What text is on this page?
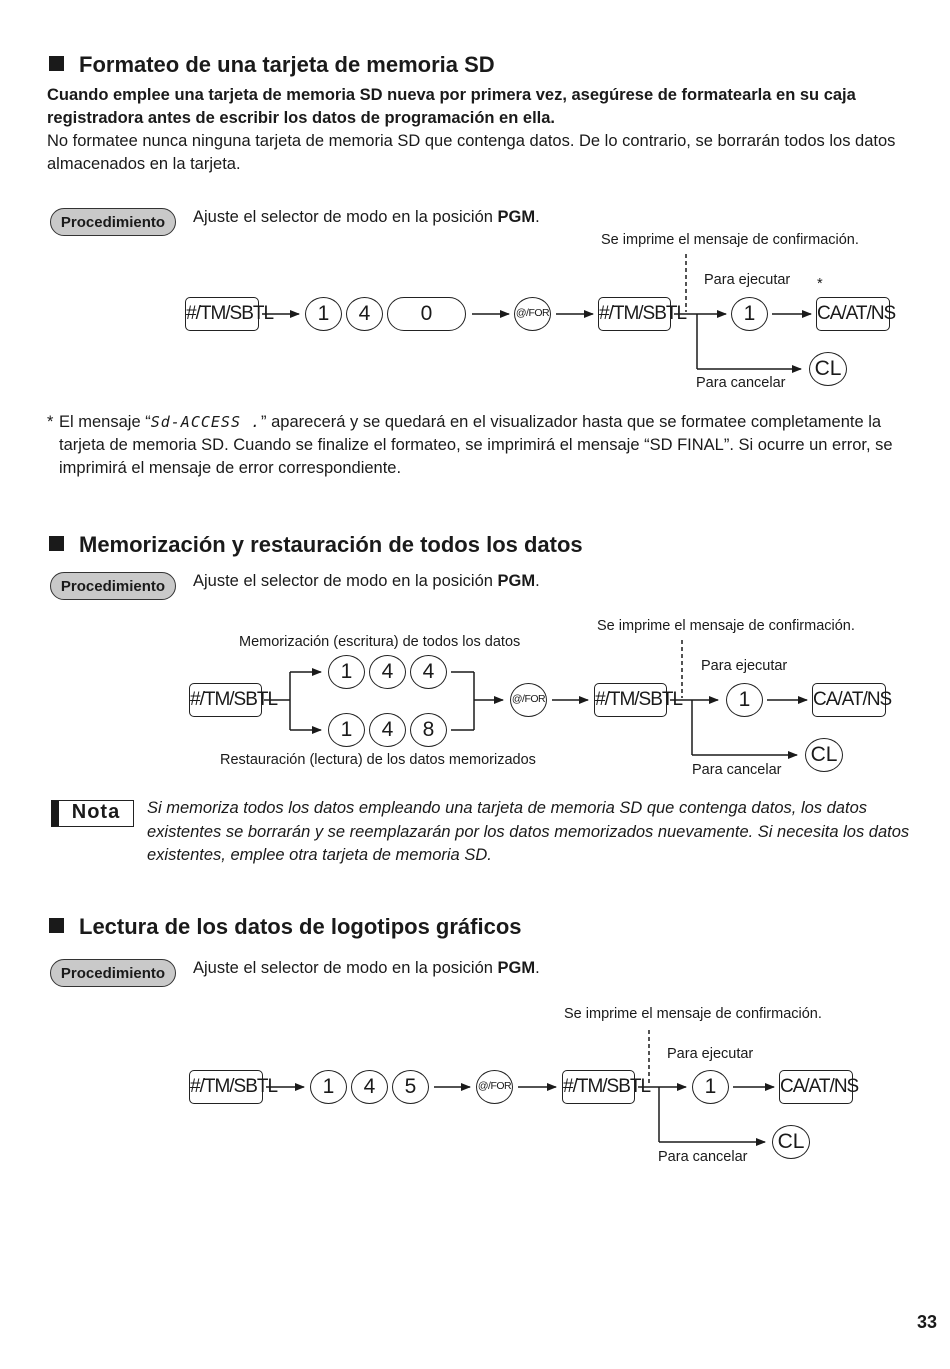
Formateo de una tarjeta de memoria SD
Cuando emplee una tarjeta de memoria SD nueva por primera vez, asegúrese de formatearla en su caja registradora antes de escribir los datos de programación en ella.
No formatee nunca ninguna tarjeta de memoria SD que contenga datos. De lo contrario, se borrarán todos los datos almacenados en la tarjeta.
Procedimiento	Ajuste el selector de modo en la posición PGM.
Se imprime el mensaje de confirmación.
Para ejecutar *
Para cancelar
#/TM/SBTL	1	4	0	@/FOR	#/TM/SBTL	1	CA/AT/NS
CL
* El mensaje “Sd-ACCESS .” aparecerá y se quedará en el visualizador hasta que se formatee completamente la tarjeta de memoria SD. Cuando se finalize el formateo, se imprimirá el mensaje “SD FINAL”. Si ocurre un error, se imprimirá el mensaje de error correspondiente.
Memorización y restauración de todos los datos
Procedimiento	Ajuste el selector de modo en la posición PGM.
Se imprime el mensaje de confirmación.
Memorización (escritura) de todos los datos
Para ejecutar
Restauración (lectura) de los datos memorizados
Para cancelar
#/TM/SBTL
1	4	4
1	4	8
@/FOR	#/TM/SBTL	1	CA/AT/NS
CL
Nota	Si memoriza todos los datos empleando una tarjeta de memoria SD que contenga datos, los datos existentes se borrarán y se reemplazarán por los datos memorizados nuevamente. Si necesita los datos existentes, emplee otra tarjeta de memoria SD.
Lectura de los datos de logotipos gráficos
Procedimiento	Ajuste el selector de modo en la posición PGM.
Se imprime el mensaje de confirmación.
Para ejecutar
Para cancelar
#/TM/SBTL	1	4	5	@/FOR	#/TM/SBTL	1	CA/AT/NS
CL
33
